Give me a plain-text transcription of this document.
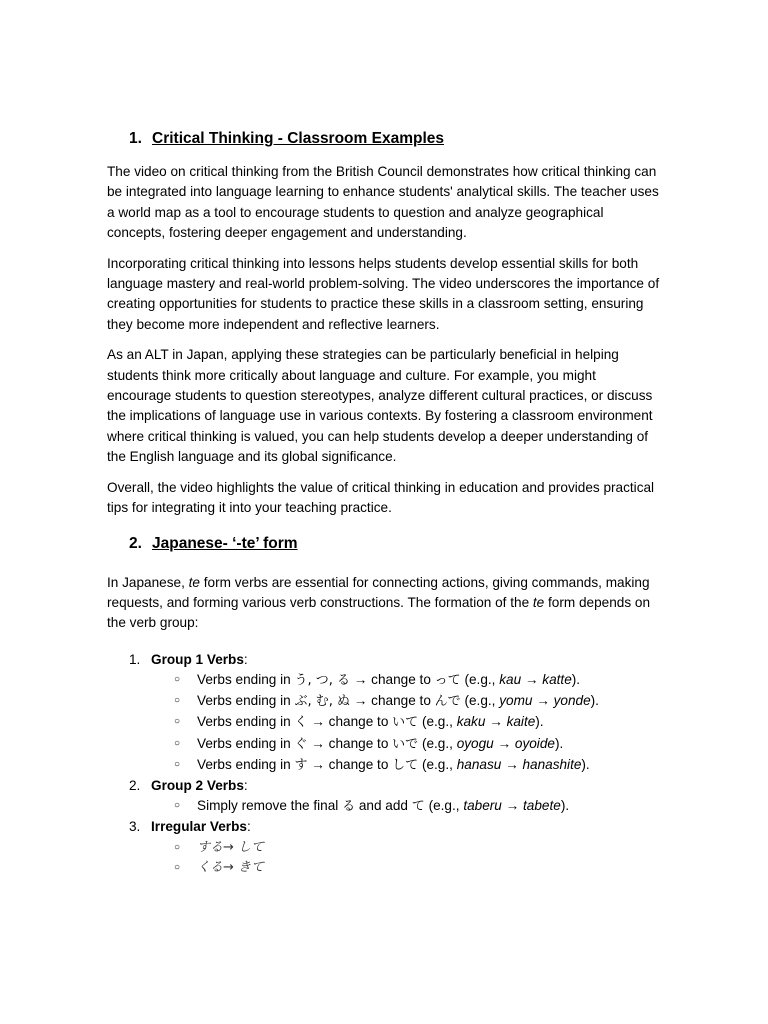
1. Critical Thinking - Classroom Examples

The video on critical thinking from the British Council demonstrates how critical thinking can be integrated into language learning to enhance students' analytical skills. The teacher uses a world map as a tool to encourage students to question and analyze geographical concepts, fostering deeper engagement and understanding.

Incorporating critical thinking into lessons helps students develop essential skills for both language mastery and real-world problem-solving. The video underscores the importance of creating opportunities for students to practice these skills in a classroom setting, ensuring they become more independent and reflective learners.

As an ALT in Japan, applying these strategies can be particularly beneficial in helping students think more critically about language and culture. For example, you might encourage students to question stereotypes, analyze different cultural practices, or discuss the implications of language use in various contexts. By fostering a classroom environment where critical thinking is valued, you can help students develop a deeper understanding of the English language and its global significance.

Overall, the video highlights the value of critical thinking in education and provides practical tips for integrating it into your teaching practice.

2. Japanese- ‘-te’ form

In Japanese, te form verbs are essential for connecting actions, giving commands, making requests, and forming various verb constructions. The formation of the te form depends on the verb group:

1. Group 1 Verbs :
○	Verbs ending in う, つ, る → change to って (e.g., kau → katte).
○	Verbs ending in ぶ, む, ぬ → change to んで (e.g., yomu → yonde).
○	Verbs ending in く → change to いて (e.g., kaku → kaite).
○	Verbs ending in ぐ → change to いで (e.g., oyogu → oyoide).
○	Verbs ending in す → change to して (e.g., hanasu → hanashite).
2. Group 2 Verbs :
○	Simply remove the final る and add て (e.g., taberu → tabete).
3. Irregular Verbs :
○	する→ して
○	くる→ きて
